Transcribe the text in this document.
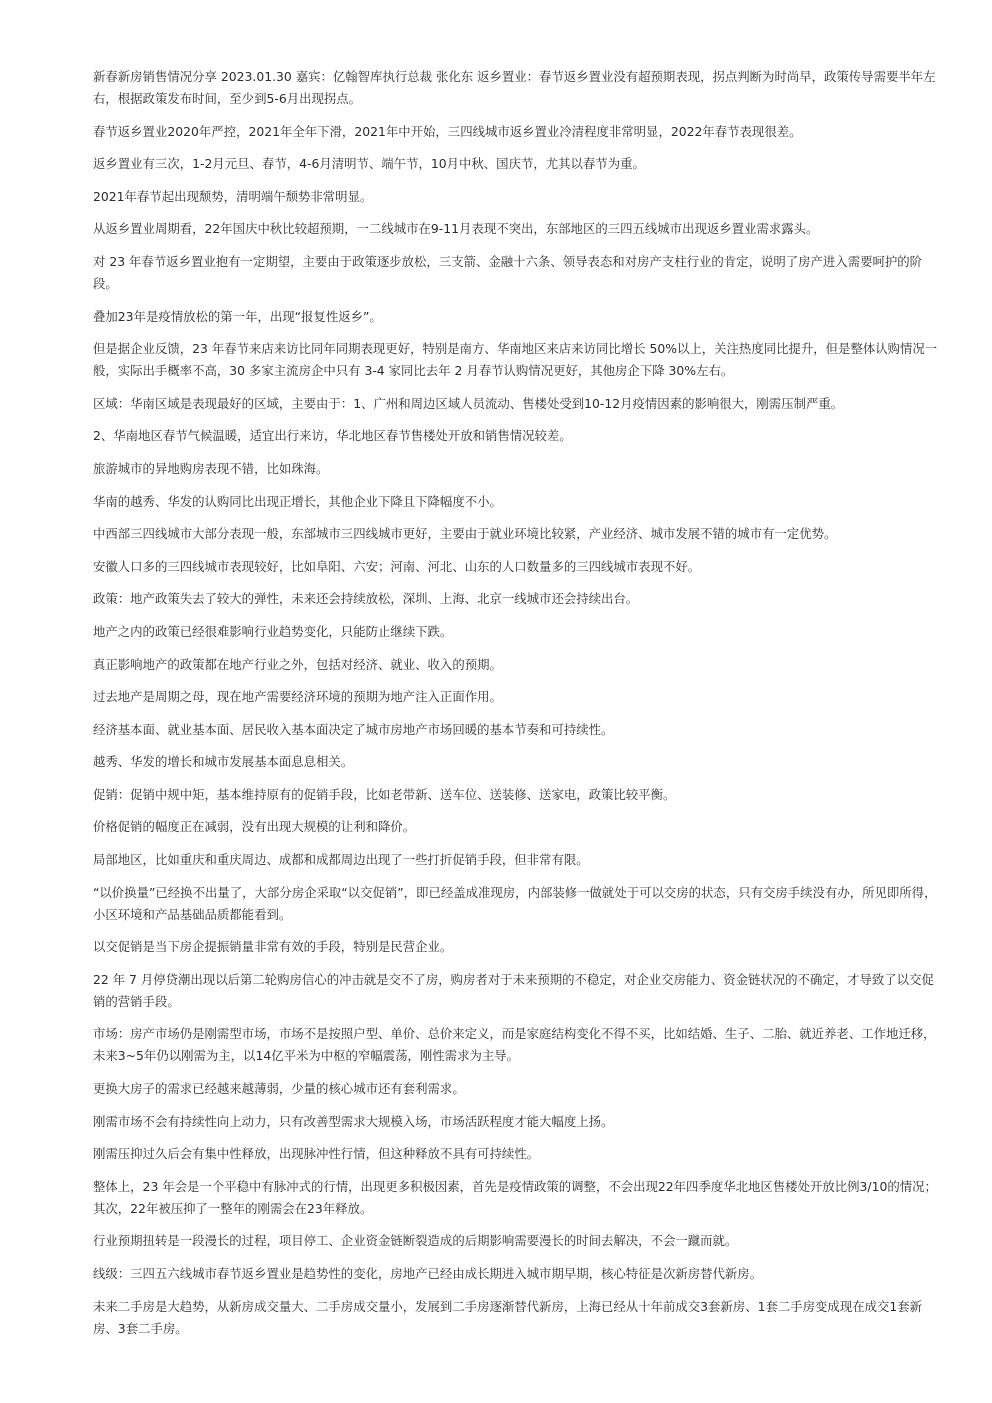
新春新房销售情况分享 2023.01.30 嘉宾：亿翰智库执行总裁 张化东 返乡置业：春节返乡置业没有超预期表现，拐点判断为时尚早，政策传导需要半年左右，根据政策发布时间，至少到5-6月出现拐点。

春节返乡置业2020年严控，2021年全年下滑，2021年中开始，三四线城市返乡置业冷清程度非常明显，2022年春节表现很差。

返乡置业有三次，1-2月元旦、春节，4-6月清明节、端午节，10月中秋、国庆节，尤其以春节为重。

2021年春节起出现颓势，清明端午颓势非常明显。

从返乡置业周期看，22年国庆中秋比较超预期，一二线城市在9-11月表现不突出，东部地区的三四五线城市出现返乡置业需求露头。

对 23 年春节返乡置业抱有一定期望，主要由于政策逐步放松，三支箭、金融十六条、领导表态和对房产支柱行业的肯定，说明了房产进入需要呵护的阶段。

叠加23年是疫情放松的第一年，出现“报复性返乡”。

但是据企业反馈，23 年春节来店来访比同年同期表现更好，特别是南方、华南地区来店来访同比增长 50%以上，关注热度同比提升，但是整体认购情况一般，实际出手概率不高，30 多家主流房企中只有 3-4 家同比去年 2 月春节认购情况更好，其他房企下降 30%左右。

区域：华南区域是表现最好的区域，主要由于：1、广州和周边区域人员流动、售楼处受到10-12月疫情因素的影响很大，刚需压制严重。

2、华南地区春节气候温暖，适宜出行来访，华北地区春节售楼处开放和销售情况较差。

旅游城市的异地购房表现不错，比如珠海。

华南的越秀、华发的认购同比出现正增长，其他企业下降且下降幅度不小。

中西部三四线城市大部分表现一般，东部城市三四线城市更好，主要由于就业环境比较紧，产业经济、城市发展不错的城市有一定优势。

安徽人口多的三四线城市表现较好，比如阜阳、六安；河南、河北、山东的人口数量多的三四线城市表现不好。

政策：地产政策失去了较大的弹性，未来还会持续放松，深圳、上海、北京一线城市还会持续出台。

地产之内的政策已经很难影响行业趋势变化，只能防止继续下跌。

真正影响地产的政策都在地产行业之外，包括对经济、就业、收入的预期。

过去地产是周期之母，现在地产需要经济环境的预期为地产注入正面作用。

经济基本面、就业基本面、居民收入基本面决定了城市房地产市场回暖的基本节奏和可持续性。

越秀、华发的增长和城市发展基本面息息相关。

促销：促销中规中矩，基本维持原有的促销手段，比如老带新、送车位、送装修、送家电，政策比较平衡。

价格促销的幅度正在减弱，没有出现大规模的让利和降价。

局部地区，比如重庆和重庆周边、成都和成都周边出现了一些打折促销手段，但非常有限。

“以价换量”已经换不出量了，大部分房企采取“以交促销”，即已经盖成准现房，内部装修一做就处于可以交房的状态，只有交房手续没有办，所见即所得，小区环境和产品基础品质都能看到。

以交促销是当下房企提振销量非常有效的手段，特别是民营企业。

22 年 7 月停贷潮出现以后第二轮购房信心的冲击就是交不了房，购房者对于未来预期的不稳定，对企业交房能力、资金链状况的不确定，才导致了以交促销的营销手段。

市场：房产市场仍是刚需型市场，市场不是按照户型、单价、总价来定义，而是家庭结构变化不得不买，比如结婚、生子、二胎、就近养老、工作地迁移，未来3~5年仍以刚需为主，以14亿平米为中枢的窄幅震荡，刚性需求为主导。

更换大房子的需求已经越来越薄弱，少量的核心城市还有套利需求。

刚需市场不会有持续性向上动力，只有改善型需求大规模入场，市场活跃程度才能大幅度上扬。

刚需压抑过久后会有集中性释放，出现脉冲性行情，但这种释放不具有可持续性。

整体上，23 年会是一个平稳中有脉冲式的行情，出现更多积极因素，首先是疫情政策的调整，不会出现22年四季度华北地区售楼处开放比例3/10的情况；其次，22年被压抑了一整年的刚需会在23年释放。

行业预期扭转是一段漫长的过程，项目停工、企业资金链断裂造成的后期影响需要漫长的时间去解决，不会一蹴而就。

线级：三四五六线城市春节返乡置业是趋势性的变化，房地产已经由成长期进入城市期早期，核心特征是次新房替代新房。

未来二手房是大趋势，从新房成交量大、二手房成交量小，发展到二手房逐渐替代新房，上海已经从十年前成交3套新房、1套二手房变成现在成交1套新房、3套二手房。
